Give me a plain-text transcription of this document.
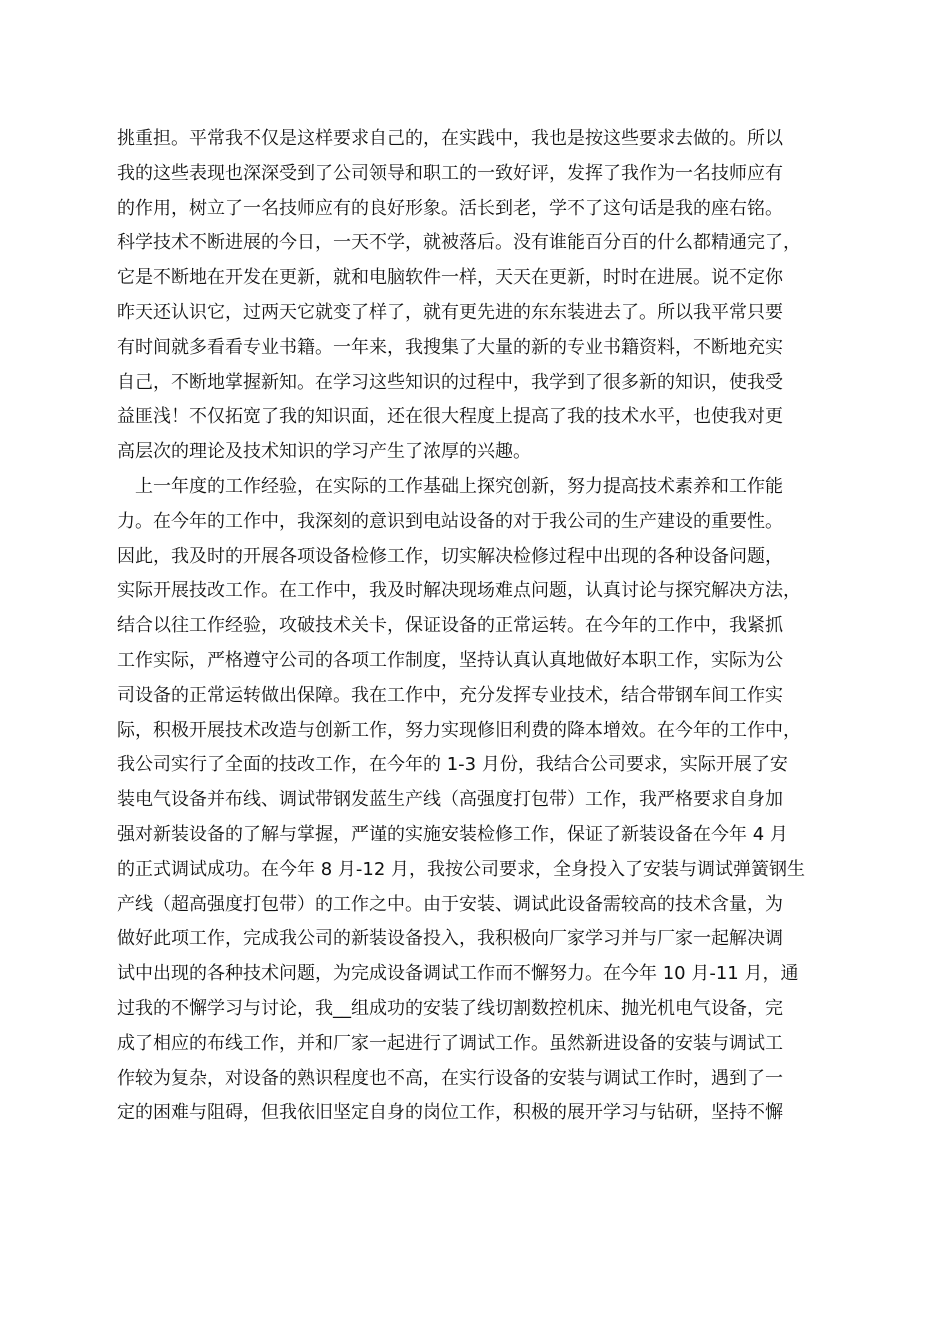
挑重担。平常我不仅是这样要求自己的，在实践中，我也是按这些要求去做的。所以
我的这些表现也深深受到了公司领导和职工的一致好评，发挥了我作为一名技师应有
的作用，树立了一名技师应有的良好形象。活长到老，学不了这句话是我的座右铭。
科学技术不断进展的今日，一天不学，就被落后。没有谁能百分百的什么都精通完了，
它是不断地在开发在更新，就和电脑软件一样，天天在更新，时时在进展。说不定你
昨天还认识它，过两天它就变了样了，就有更先进的东东装进去了。所以我平常只要
有时间就多看看专业书籍。一年来，我搜集了大量的新的专业书籍资料，不断地充实
自己，不断地掌握新知。在学习这些知识的过程中，我学到了很多新的知识，使我受
益匪浅！不仅拓宽了我的知识面，还在很大程度上提高了我的技术水平，也使我对更
高层次的理论及技术知识的学习产生了浓厚的兴趣。
上一年度的工作经验，在实际的工作基础上探究创新，努力提高技术素养和工作能
力。在今年的工作中，我深刻的意识到电站设备的对于我公司的生产建设的重要性。
因此，我及时的开展各项设备检修工作，切实解决检修过程中出现的各种设备问题，
实际开展技改工作。在工作中，我及时解决现场难点问题，认真讨论与探究解决方法，
结合以往工作经验，攻破技术关卡，保证设备的正常运转。在今年的工作中，我紧抓
工作实际，严格遵守公司的各项工作制度，坚持认真认真地做好本职工作，实际为公
司设备的正常运转做出保障。我在工作中，充分发挥专业技术，结合带钢车间工作实
际，积极开展技术改造与创新工作，努力实现修旧利费的降本增效。在今年的工作中，
我公司实行了全面的技改工作，在今年的 1-3 月份，我结合公司要求，实际开展了安
装电气设备并布线、调试带钢发蓝生产线（高强度打包带）工作，我严格要求自身加
强对新装设备的了解与掌握，严谨的实施安装检修工作，保证了新装设备在今年 4 月
的正式调试成功。在今年 8 月-12 月，我按公司要求，全身投入了安装与调试弹簧钢生
产线（超高强度打包带）的工作之中。由于安装、调试此设备需较高的技术含量，为
做好此项工作，完成我公司的新装设备投入，我积极向厂家学习并与厂家一起解决调
试中出现的各种技术问题，为完成设备调试工作而不懈努力。在今年 10 月-11 月，通
过我的不懈学习与讨论，我__组成功的安装了线切割数控机床、抛光机电气设备，完
成了相应的布线工作，并和厂家一起进行了调试工作。虽然新进设备的安装与调试工
作较为复杂，对设备的熟识程度也不高，在实行设备的安装与调试工作时，遇到了一
定的困难与阻碍，但我依旧坚定自身的岗位工作，积极的展开学习与钻研，坚持不懈
